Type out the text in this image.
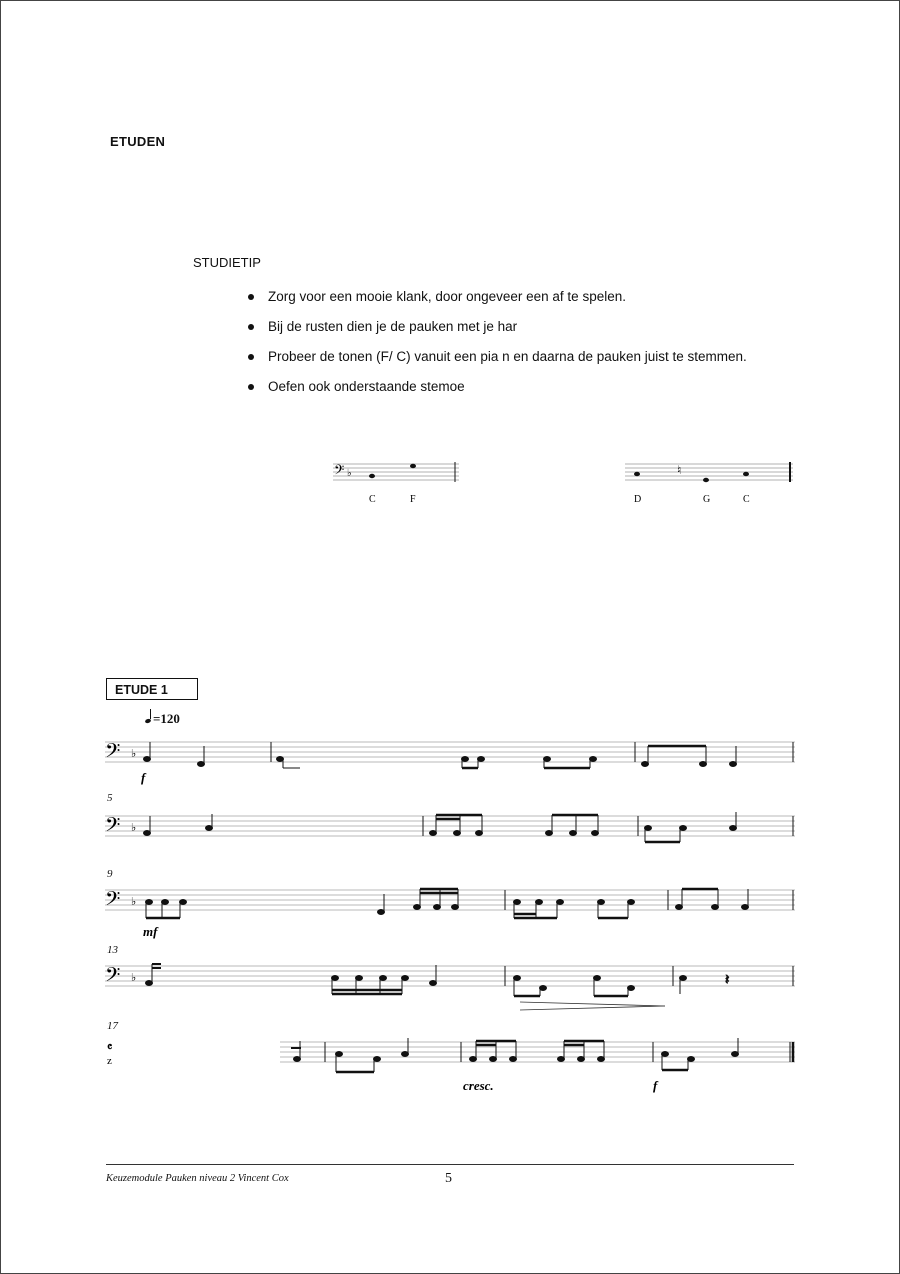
ETUDEN
STUDIETIP
Zorg voor een mooie klank, door ongeveer een af te spelen.
Bij de rusten dien je de pauken met je har
Probeer de tonen (F/ C) vanuit een pia n en daarna de pauken juist te stemmen.
Oefen ook onderstaande stemoe
𝄢 ♭
C	F
♮
D	G	C
ETUDE 1
=120
𝄢 ♭
f
5
𝄢 ♭
9
𝄢 ♭
mf
13
𝄢 ♭	𝄽
17
𝄴
z
cresc.	f
Keuzemodule Pauken niveau 2 Vincent Cox	5
